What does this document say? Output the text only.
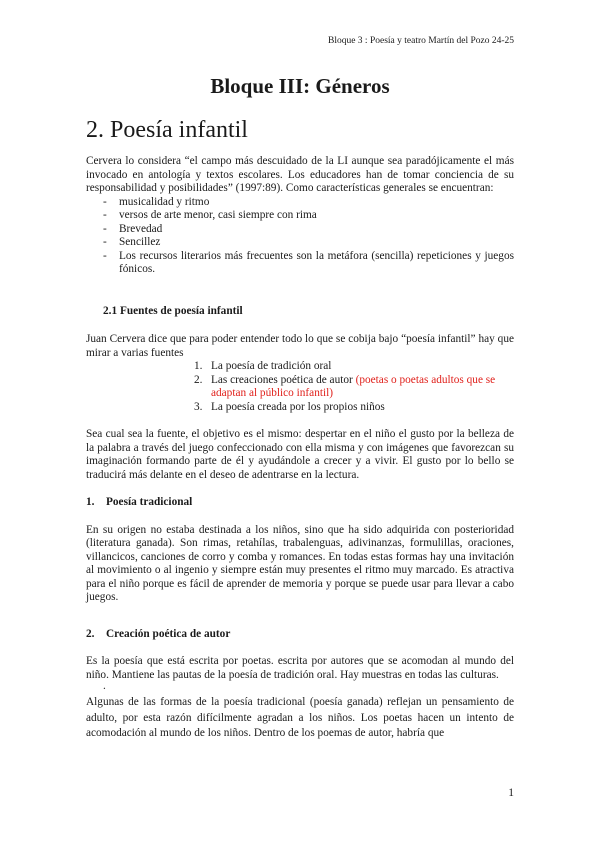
Bloque 3 : Poesía y teatro Martín del Pozo 24-25
Bloque III: Géneros
2. Poesía infantil

Cervera lo considera “el campo más descuidado de la LI aunque sea paradójicamente el más invocado en antología y textos escolares. Los educadores han de tomar conciencia de su responsabilidad y posibilidades” (1997:89). Como características generales se encuentran:

- musicalidad y ritmo
- versos de arte menor, casi siempre con rima
- Brevedad
- Sencillez
- Los recursos literarios más frecuentes son la metáfora (sencilla) repeticiones y juegos fónicos.
2.1 Fuentes de poesía infantil

Juan Cervera dice que para poder entender todo lo que se cobija bajo “poesía infantil” hay que mirar a varias fuentes

1. La poesía de tradición oral
2. Las creaciones poética de autor (poetas o poetas adultos que se adaptan al público infantil)
3. La poesía creada por los propios niños

Sea cual sea la fuente, el objetivo es el mismo: despertar en el niño el gusto por la belleza de la palabra a través del juego confeccionado con ella misma y con imágenes que favorezcan su imaginación formando parte de él y ayudándole a crecer y a vivir. El gusto por lo bello se traducirá más delante en el deseo de adentrarse en la lectura.

1.	Poesía tradicional

En su origen no estaba destinada a los niños, sino que ha sido adquirida con posterioridad (literatura ganada). Son rimas, retahílas, trabalenguas, adivinanzas, formulillas, oraciones, villancicos, canciones de corro y comba y romances. En todas estas formas hay una invitación al movimiento o al ingenio y siempre están muy presentes el ritmo muy marcado. Es atractiva para el niño porque es fácil de aprender de memoria y porque se puede usar para llevar a cabo juegos.

2.	Creación poética de autor

Es la poesía que está escrita por poetas. escrita por autores que se acomodan al mundo del niño. Mantiene las pautas de la poesía de tradición oral. Hay muestras en todas las culturas.

.

Algunas de las formas de la poesía tradicional (poesía ganada) reflejan un pensamiento de adulto, por esta razón difícilmente agradan a los niños. Los poetas hacen un intento de acomodación al mundo de los niños. Dentro de los poemas de autor, habría que

1
